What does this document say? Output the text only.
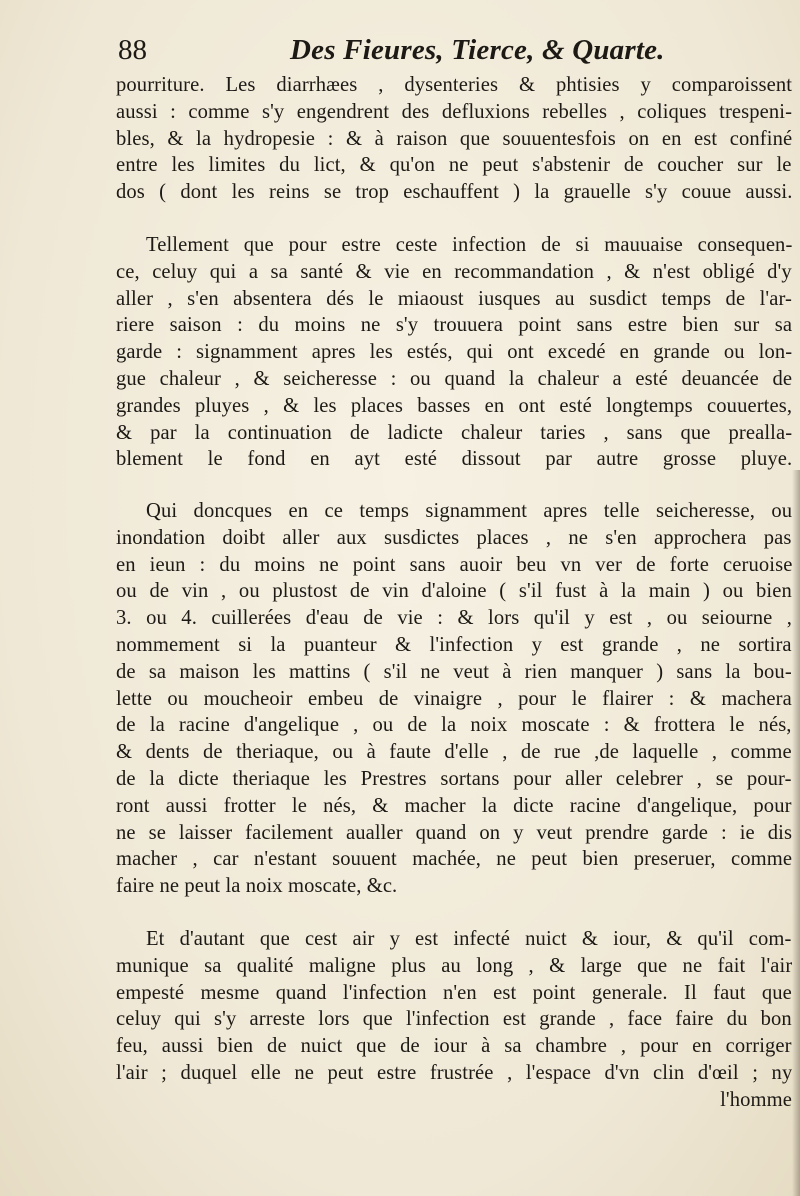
88	Des Fieures, Tierce, & Quarte.
pourriture. Les diarrhæes , dysenteries & phtisies y comparoissent
aussi : comme s'y engendrent des defluxions rebelles , coliques trespeni-
bles, & la hydropesie : & à raison que souuentesfois on en est confiné
entre les limites du lict, & qu'on ne peut s'abstenir de coucher sur le
dos ( dont les reins se trop eschauffent ) la grauelle s'y couue aussi.
Tellement que pour estre ceste infection de si mauuaise consequen-
ce, celuy qui a sa santé & vie en recommandation , & n'est obligé d'y
aller , s'en absentera dés le miaoust iusques au susdict temps de l'ar-
riere saison : du moins ne s'y trouuera point sans estre bien sur sa
garde : signamment apres les estés, qui ont excedé en grande ou lon-
gue chaleur , & seicheresse : ou quand la chaleur a esté deuancée de
grandes pluyes , & les places basses en ont esté longtemps couuertes,
& par la continuation de ladicte chaleur taries , sans que prealla-
blement le fond en ayt esté dissout par autre grosse pluye.
Qui doncques en ce temps signamment apres telle seicheresse, ou
inondation doibt aller aux susdictes places , ne s'en approchera pas
en ieun : du moins ne point sans auoir beu vn ver de forte ceruoise
ou de vin , ou plustost de vin d'aloine ( s'il fust à la main ) ou bien
3. ou 4. cuillerées d'eau de vie : & lors qu'il y est , ou seiourne ,
nommement si la puanteur & l'infection y est grande , ne sortira
de sa maison les mattins ( s'il ne veut à rien manquer ) sans la bou-
lette ou moucheoir embeu de vinaigre , pour le flairer : & machera
de la racine d'angelique , ou de la noix moscate : & frottera le nés,
& dents de theriaque, ou à faute d'elle , de rue ,de laquelle , comme
de la dicte theriaque les Prestres sortans pour aller celebrer , se pour-
ront aussi frotter le nés, & macher la dicte racine d'angelique, pour
ne se laisser facilement aualler quand on y veut prendre garde : ie dis
macher , car n'estant souuent machée, ne peut bien preseruer, comme
faire ne peut la noix moscate, &c.
Et d'autant que cest air y est infecté nuict & iour, & qu'il com-
munique sa qualité maligne plus au long , & large que ne fait l'air
empesté mesme quand l'infection n'en est point generale. Il faut que
celuy qui s'y arreste lors que l'infection est grande , face faire du bon
feu, aussi bien de nuict que de iour à sa chambre , pour en corriger
l'air ; duquel elle ne peut estre frustrée , l'espace d'vn clin d'œil ; ny
l'homme
